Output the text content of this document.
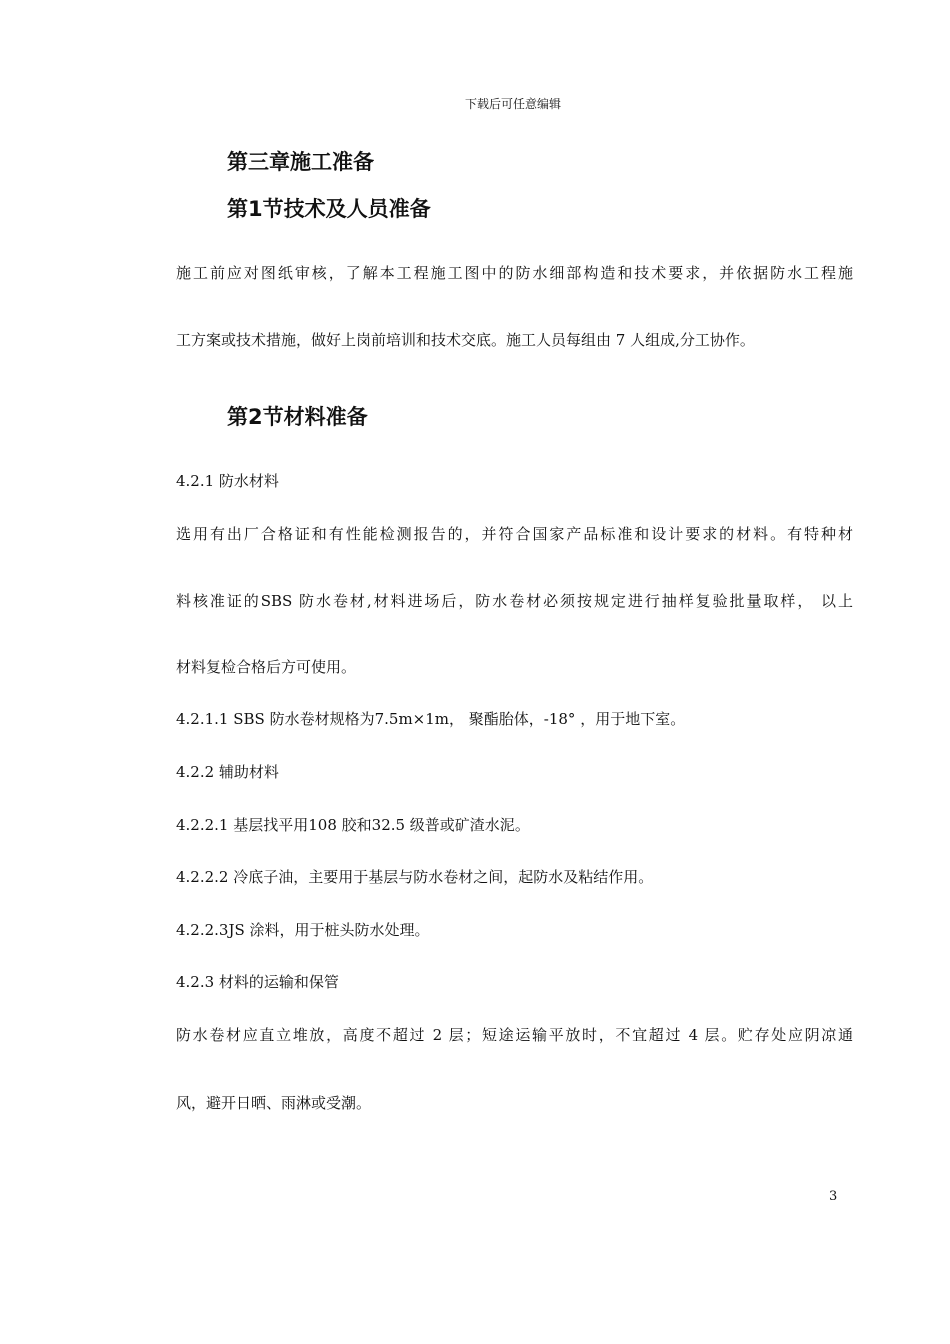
下载后可任意编辑
第三章施工准备
第1节技术及人员准备
施工前应对图纸审核，了解本工程施工图中的防水细部构造和技术要求，并依据防水工程施
工方案或技术措施，做好上岗前培训和技术交底。施工人员每组由 7 人组成,分工协作。
第2节材料准备
4.2.1 防水材料
选用有出厂合格证和有性能检测报告的，并符合国家产品标准和设计要求的材料。有特种材
料核准证的SBS 防水卷材,材料进场后，防水卷材必须按规定进行抽样复验批量取样， 以上
材料复检合格后方可使用。
4.2.1.1 SBS 防水卷材规格为7.5m×1m， 聚酯胎体，-18° ，用于地下室。
4.2.2 辅助材料
4.2.2.1 基层找平用108 胶和32.5 级普或矿渣水泥。
4.2.2.2 冷底子油，主要用于基层与防水卷材之间，起防水及粘结作用。
4.2.2.3JS 涂料，用于桩头防水处理。
4.2.3 材料的运输和保管
防水卷材应直立堆放，高度不超过 2 层；短途运输平放时，不宜超过 4 层。贮存处应阴凉通
风，避开日晒、雨淋或受潮。
3
